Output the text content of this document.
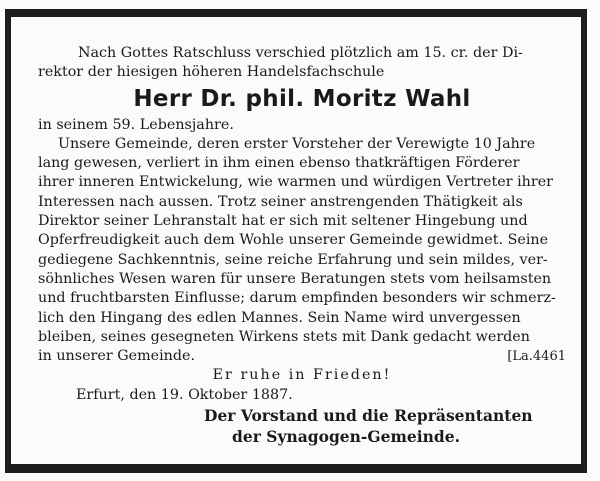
Nach Gottes Ratschluss verschied plötzlich am 15. cr. der Di-
rektor der hiesigen höheren Handelsfachschule
Herr Dr. phil. Moritz Wahl
in seinem 59. Lebensjahre.
Unsere Gemeinde, deren erster Vorsteher der Verewigte 10 Jahre
lang gewesen, verliert in ihm einen ebenso thatkräftigen Förderer
ihrer inneren Entwickelung, wie warmen und würdigen Vertreter ihrer
Interessen nach aussen. Trotz seiner anstrengenden Thätigkeit als
Direktor seiner Lehranstalt hat er sich mit seltener Hingebung und
Opferfreudigkeit auch dem Wohle unserer Gemeinde gewidmet. Seine
gediegene Sachkenntnis, seine reiche Erfahrung und sein mildes, ver-
söhnliches Wesen waren für unsere Beratungen stets vom heilsamsten
und fruchtbarsten Einflusse; darum empfinden besonders wir schmerz-
lich den Hingang des edlen Mannes. Sein Name wird unvergessen
bleiben, seines gesegneten Wirkens stets mit Dank gedacht werden
in unserer Gemeinde.	[La.4461
Er ruhe in Frieden!
Erfurt, den 19. Oktober 1887.
Der Vorstand und die Repräsentanten
der Synagogen-Gemeinde.
